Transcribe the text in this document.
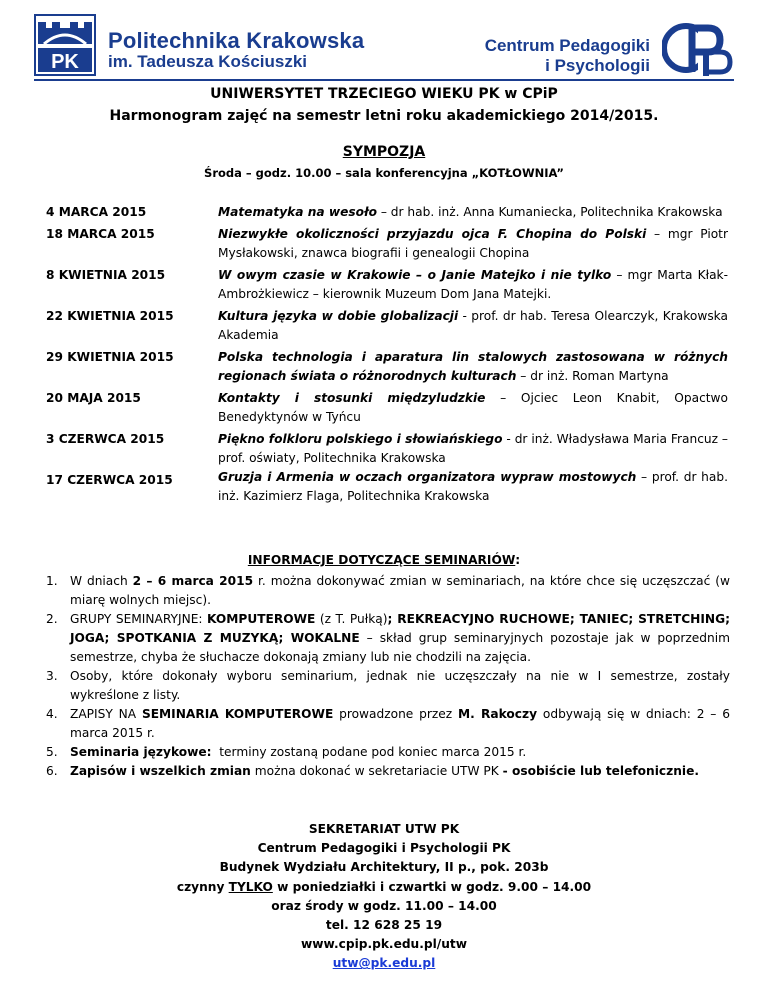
PK
Politechnika Krakowska
im. Tadeusza Kościuszki
Centrum Pedagogiki
i Psychologii
UNIWERSYTET TRZECIEGO WIEKU PK w CPiP
Harmonogram zajęć na semestr letni roku akademickiego 2014/2015.
SYMPOZJA
Środa – godz. 10.00 – sala konferencyjna „KOTŁOWNIA”
4 MARCA 2015	Matematyka na wesoło – dr hab. inż. Anna Kumaniecka, Politechnika Krakowska
18 MARCA 2015	Niezwykłe okoliczności przyjazdu ojca F. Chopina do Polski – mgr Piotr Mysłakowski, znawca biografii i genealogii Chopina
8 KWIETNIA 2015	W owym czasie w Krakowie – o Janie Matejko i nie tylko – mgr Marta Kłak-Ambrożkiewicz – kierownik Muzeum Dom Jana Matejki.
22 KWIETNIA 2015	Kultura języka w dobie globalizacji - prof. dr hab. Teresa Olearczyk, Krakowska Akademia
29 KWIETNIA 2015	Polska technologia i aparatura lin stalowych zastosowana w różnych regionach świata o różnorodnych kulturach – dr inż. Roman Martyna
20 MAJA 2015	Kontakty i stosunki międzyludzkie – Ojciec Leon Knabit, Opactwo Benedyktynów w Tyńcu
3 CZERWCA 2015	Piękno folkloru polskiego i słowiańskiego - dr inż. Władysława Maria Francuz – prof. oświaty, Politechnika Krakowska
17 CZERWCA 2015	Gruzja i Armenia w oczach organizatora wypraw mostowych – prof. dr hab. inż. Kazimierz Flaga, Politechnika Krakowska
INFORMACJE DOTYCZĄCE SEMINARIÓW:
1. W dniach 2 – 6 marca 2015 r. można dokonywać zmian w seminariach, na które chce się uczęszczać (w miarę wolnych miejsc).
2. GRUPY SEMINARYJNE: KOMPUTEROWE (z T. Pułką); REKREACYJNO RUCHOWE; TANIEC; STRETCHING; JOGA; SPOTKANIA Z MUZYKĄ; WOKALNE – skład grup seminaryjnych pozostaje jak w poprzednim semestrze, chyba że słuchacze dokonają zmiany lub nie chodzili na zajęcia.
3. Osoby, które dokonały wyboru seminarium, jednak nie uczęszczały na nie w I semestrze, zostały wykreślone z listy.
4. ZAPISY NA SEMINARIA KOMPUTEROWE prowadzone przez M. Rakoczy odbywają się w dniach: 2 – 6 marca 2015 r.
5. Seminaria językowe:  terminy zostaną podane pod koniec marca 2015 r.
6. Zapisów i wszelkich zmian można dokonać w sekretariacie UTW PK - osobiście lub telefonicznie.
SEKRETARIAT UTW PK
Centrum Pedagogiki i Psychologii PK
Budynek Wydziału Architektury, II p., pok. 203b
czynny TYLKO w poniedziałki i czwartki w godz. 9.00 – 14.00
oraz środy w godz. 11.00 – 14.00
tel. 12 628 25 19
www.cpip.pk.edu.pl/utw
utw@pk.edu.pl
